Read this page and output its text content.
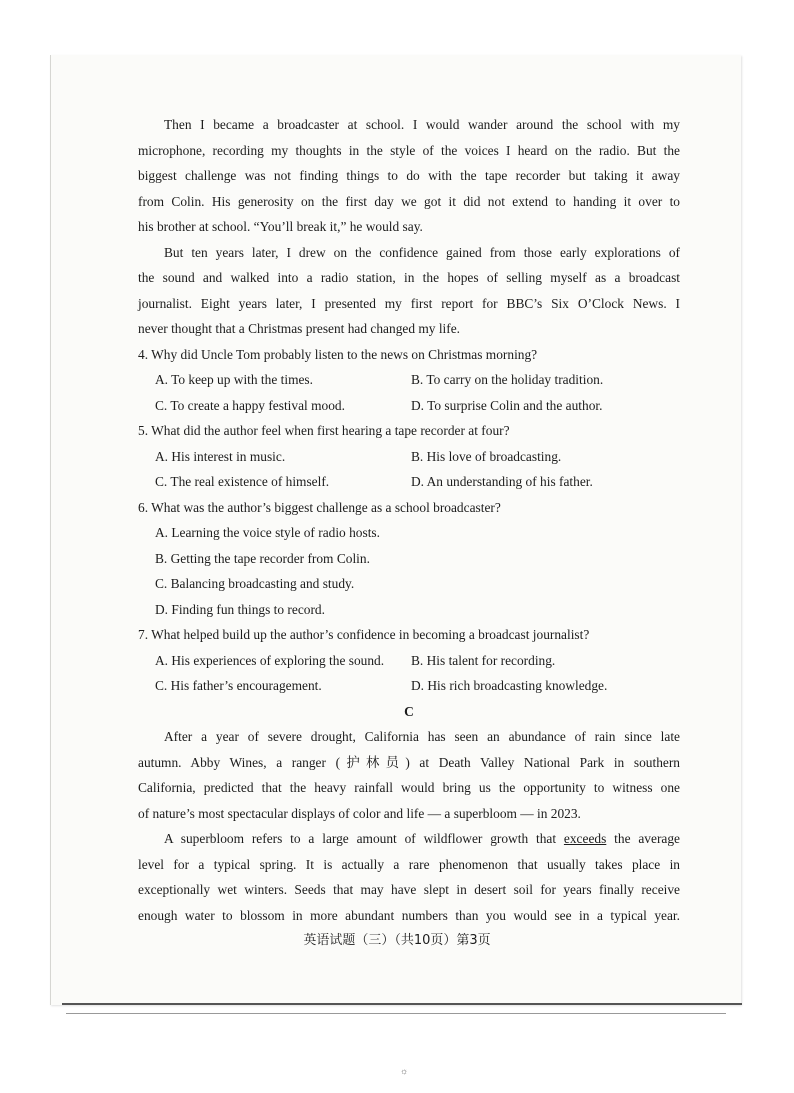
Then I became a broadcaster at school. I would wander around the school with my
microphone, recording my thoughts in the style of the voices I heard on the radio. But the
biggest challenge was not finding things to do with the tape recorder but taking it away
from Colin. His generosity on the first day we got it did not extend to handing it over to
his brother at school. “You’ll break it,” he would say.
But ten years later, I drew on the confidence gained from those early explorations of
the sound and walked into a radio station, in the hopes of selling myself as a broadcast
journalist. Eight years later, I presented my first report for BBC’s Six O’Clock News. I
never thought that a Christmas present had changed my life.
4. Why did Uncle Tom probably listen to the news on Christmas morning?
A. To keep up with the times.	B. To carry on the holiday tradition.
C. To create a happy festival mood.	D. To surprise Colin and the author.
5. What did the author feel when first hearing a tape recorder at four?
A. His interest in music.	B. His love of broadcasting.
C. The real existence of himself.	D. An understanding of his father.
6. What was the author’s biggest challenge as a school broadcaster?
A. Learning the voice style of radio hosts.
B. Getting the tape recorder from Colin.
C. Balancing broadcasting and study.
D. Finding fun things to record.
7. What helped build up the author’s confidence in becoming a broadcast journalist?
A. His experiences of exploring the sound.	B. His talent for recording.
C. His father’s encouragement.	D. His rich broadcasting knowledge.
C
After a year of severe drought, California has seen an abundance of rain since late
autumn. Abby Wines, a ranger (护林员) at Death Valley National Park in southern
California, predicted that the heavy rainfall would bring us the opportunity to witness one
of nature’s most spectacular displays of color and life — a superbloom — in 2023.
A superbloom refers to a large amount of wildflower growth that exceeds the average
level for a typical spring. It is actually a rare phenomenon that usually takes place in
exceptionally wet winters. Seeds that may have slept in desert soil for years finally receive
enough water to blossom in more abundant numbers than you would see in a typical year.
英语试题（三）（共10页）第3页
☼
